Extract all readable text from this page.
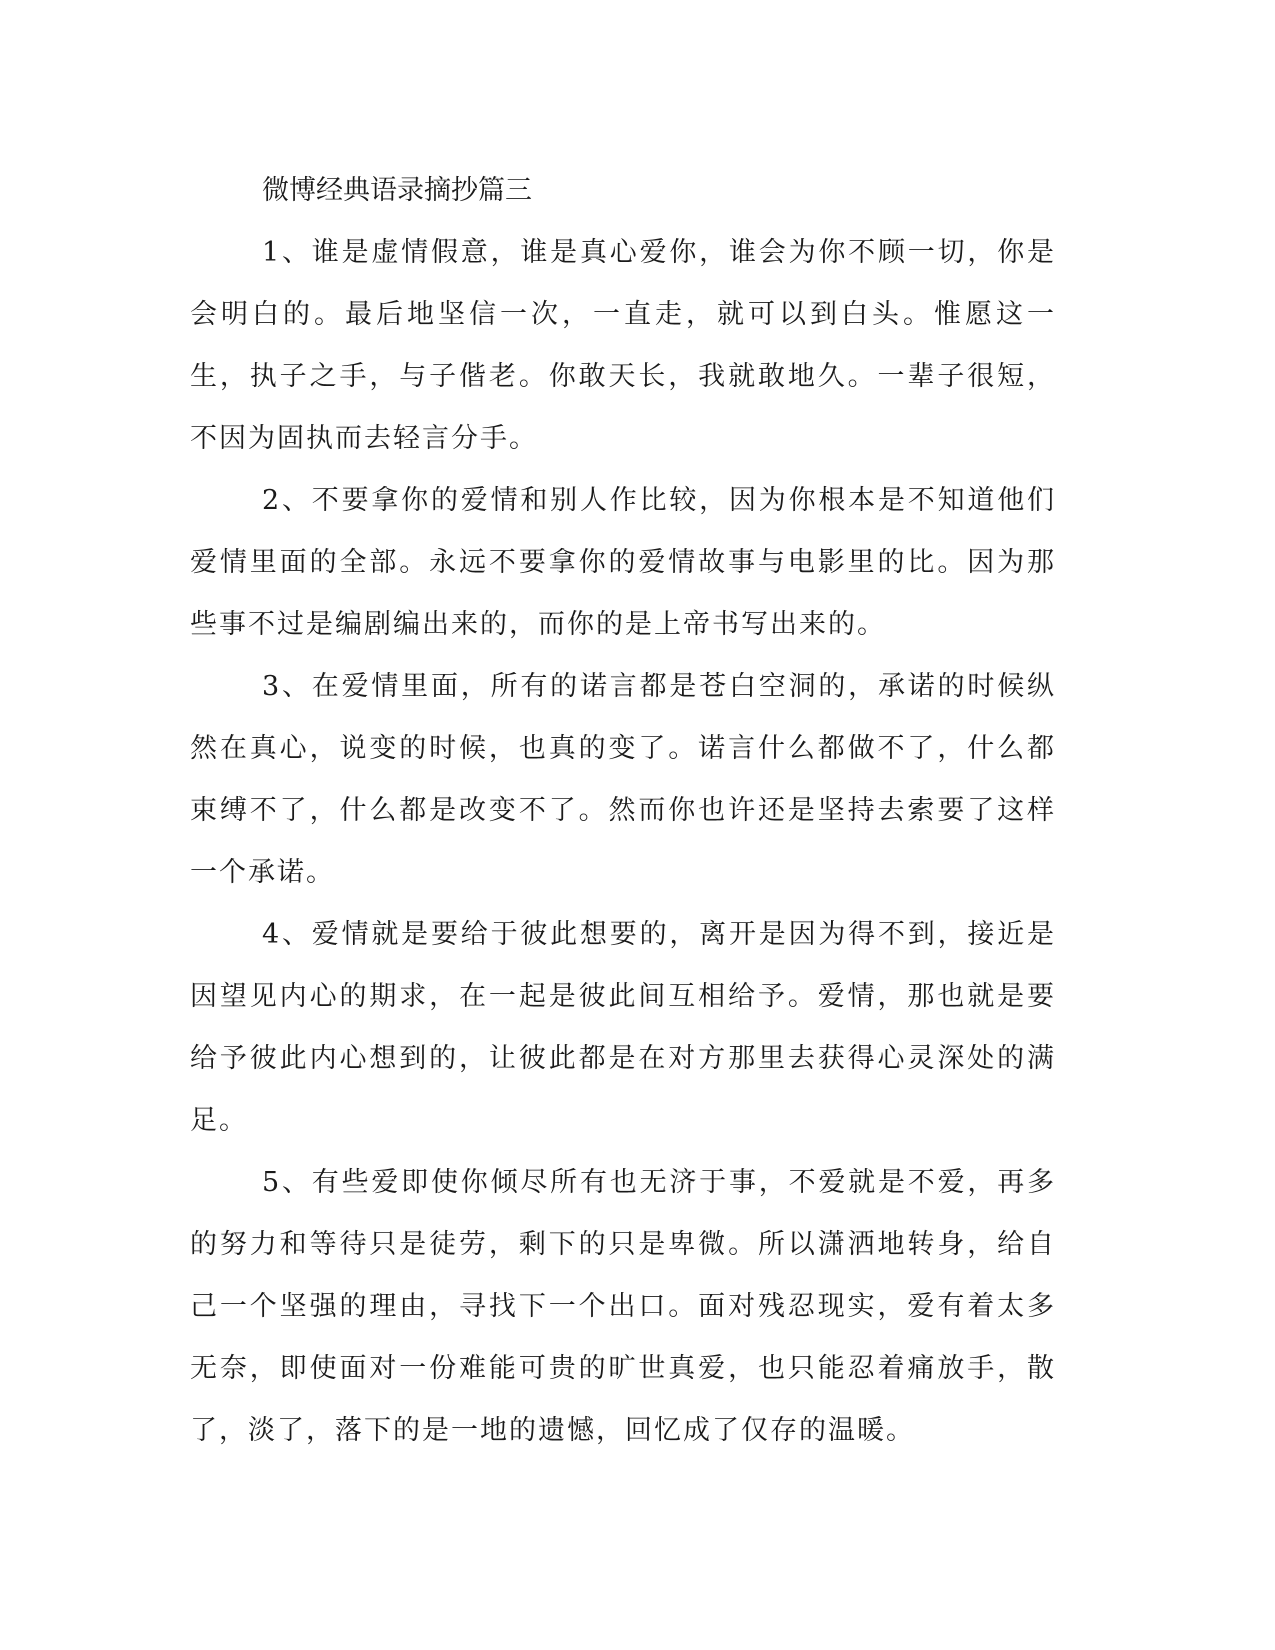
微博经典语录摘抄篇三

1、谁是虚情假意，谁是真心爱你，谁会为你不顾一切，你是会明白的。最后地坚信一次，一直走，就可以到白头。惟愿这一生，执子之手，与子偕老。你敢天长，我就敢地久。一辈子很短，不因为固执而去轻言分手。

2、不要拿你的爱情和别人作比较，因为你根本是不知道他们爱情里面的全部。永远不要拿你的爱情故事与电影里的比。因为那些事不过是编剧编出来的，而你的是上帝书写出来的。

3、在爱情里面，所有的诺言都是苍白空洞的，承诺的时候纵然在真心，说变的时候，也真的变了。诺言什么都做不了，什么都束缚不了，什么都是改变不了。然而你也许还是坚持去索要了这样一个承诺。

4、爱情就是要给于彼此想要的，离开是因为得不到，接近是因望见内心的期求，在一起是彼此间互相给予。爱情，那也就是要给予彼此内心想到的，让彼此都是在对方那里去获得心灵深处的满足。

5、有些爱即使你倾尽所有也无济于事，不爱就是不爱，再多的努力和等待只是徒劳，剩下的只是卑微。所以潇洒地转身，给自己一个坚强的理由，寻找下一个出口。面对残忍现实，爱有着太多无奈，即使面对一份难能可贵的旷世真爱，也只能忍着痛放手，散了，淡了，落下的是一地的遗憾，回忆成了仅存的温暖。
